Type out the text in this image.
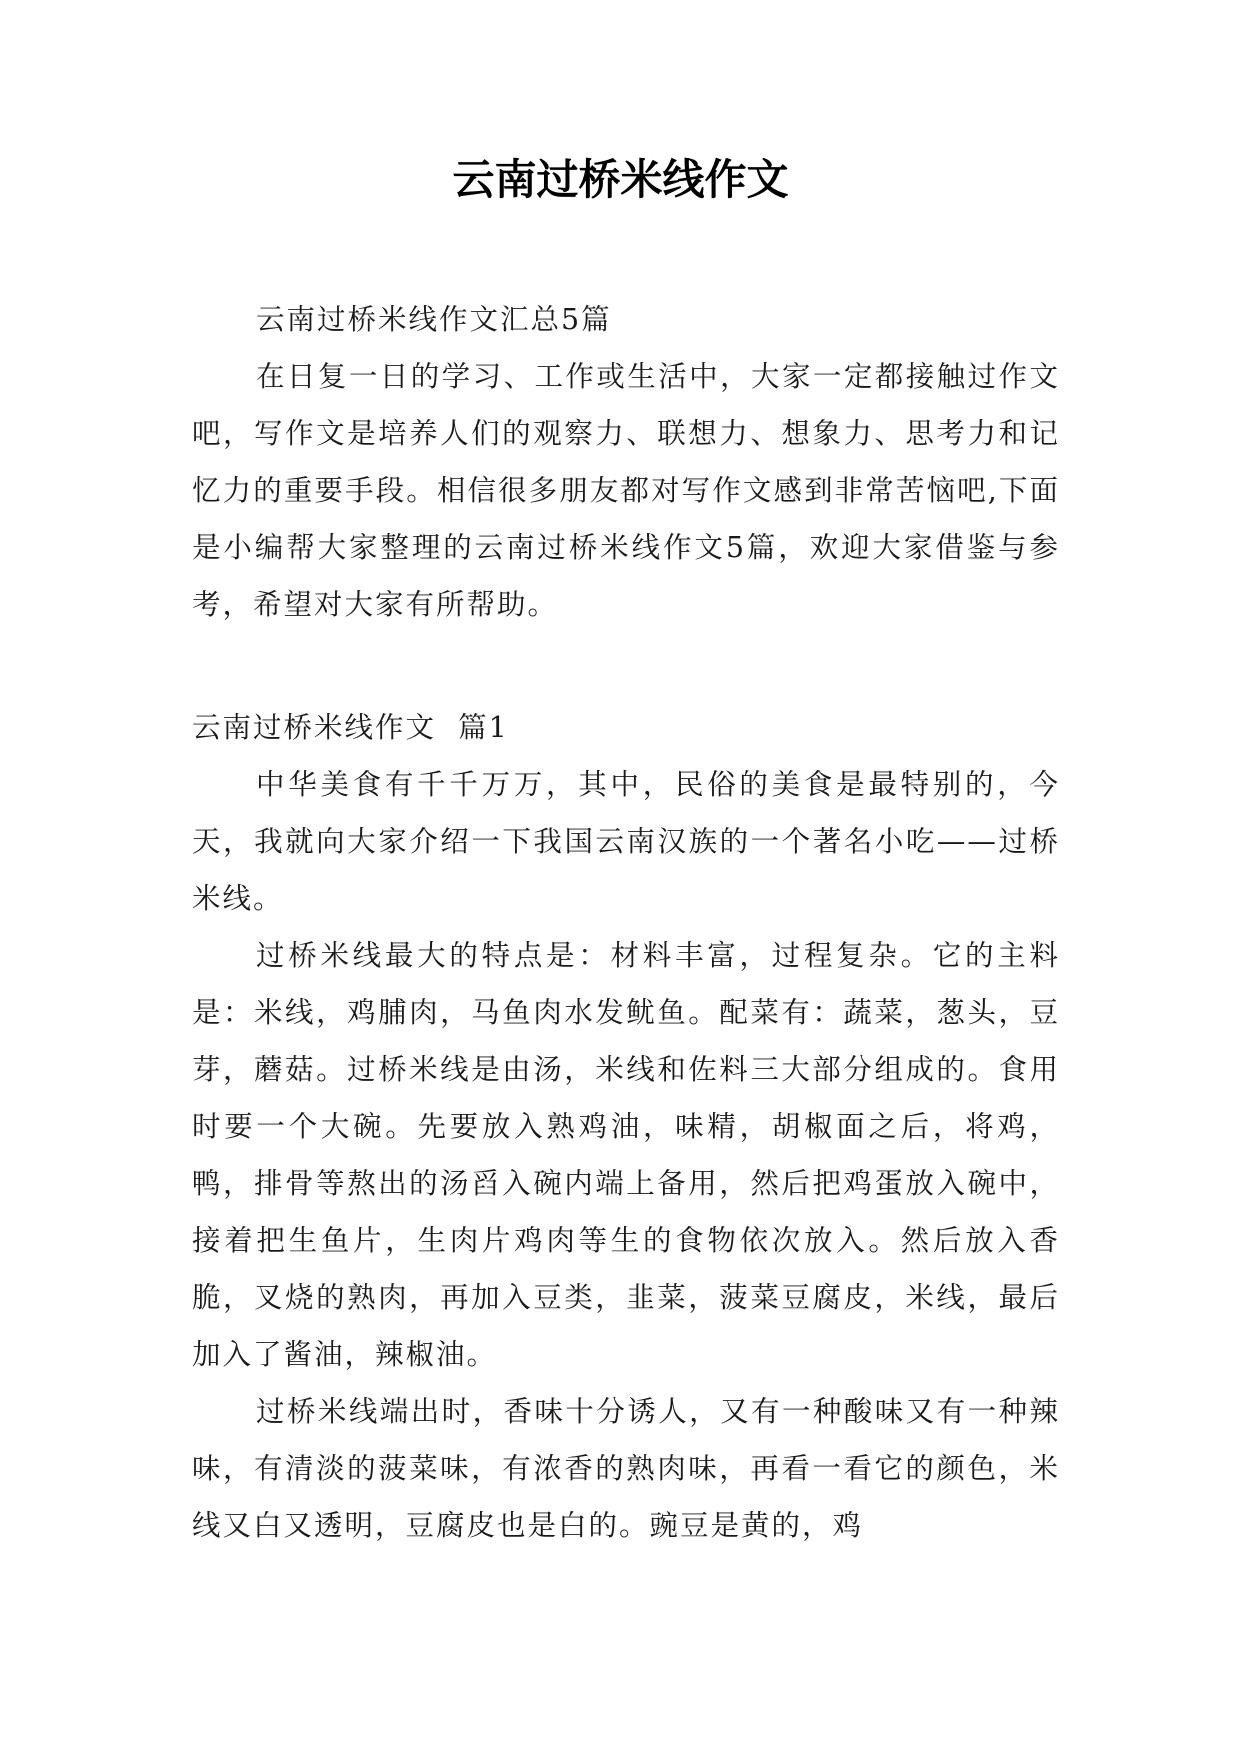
云南过桥米线作文

云南过桥米线作文汇总5篇

在日复一日的学习、工作或生活中，大家一定都接触过作文吧，写作文是培养人们的观察力、联想力、想象力、思考力和记忆力的重要手段。相信很多朋友都对写作文感到非常苦恼吧,下面是小编帮大家整理的云南过桥米线作文5篇，欢迎大家借鉴与参考，希望对大家有所帮助。

云南过桥米线作文  篇1

中华美食有千千万万，其中，民俗的美食是最特别的，今天，我就向大家介绍一下我国云南汉族的一个著名小吃——过桥米线。

过桥米线最大的特点是：材料丰富，过程复杂。它的主料是：米线，鸡脯肉，马鱼肉水发鱿鱼。配菜有：蔬菜，葱头，豆芽，蘑菇。过桥米线是由汤，米线和佐料三大部分组成的。食用时要一个大碗。先要放入熟鸡油，味精，胡椒面之后，将鸡，鸭，排骨等熬出的汤舀入碗内端上备用，然后把鸡蛋放入碗中，接着把生鱼片，生肉片鸡肉等生的食物依次放入。然后放入香脆，叉烧的熟肉，再加入豆类，韭菜，菠菜豆腐皮，米线，最后加入了酱油，辣椒油。

过桥米线端出时，香味十分诱人，又有一种酸味又有一种辣味，有清淡的菠菜味，有浓香的熟肉味，再看一看它的颜色，米线又白又透明，豆腐皮也是白的。豌豆是黄的，鸡
